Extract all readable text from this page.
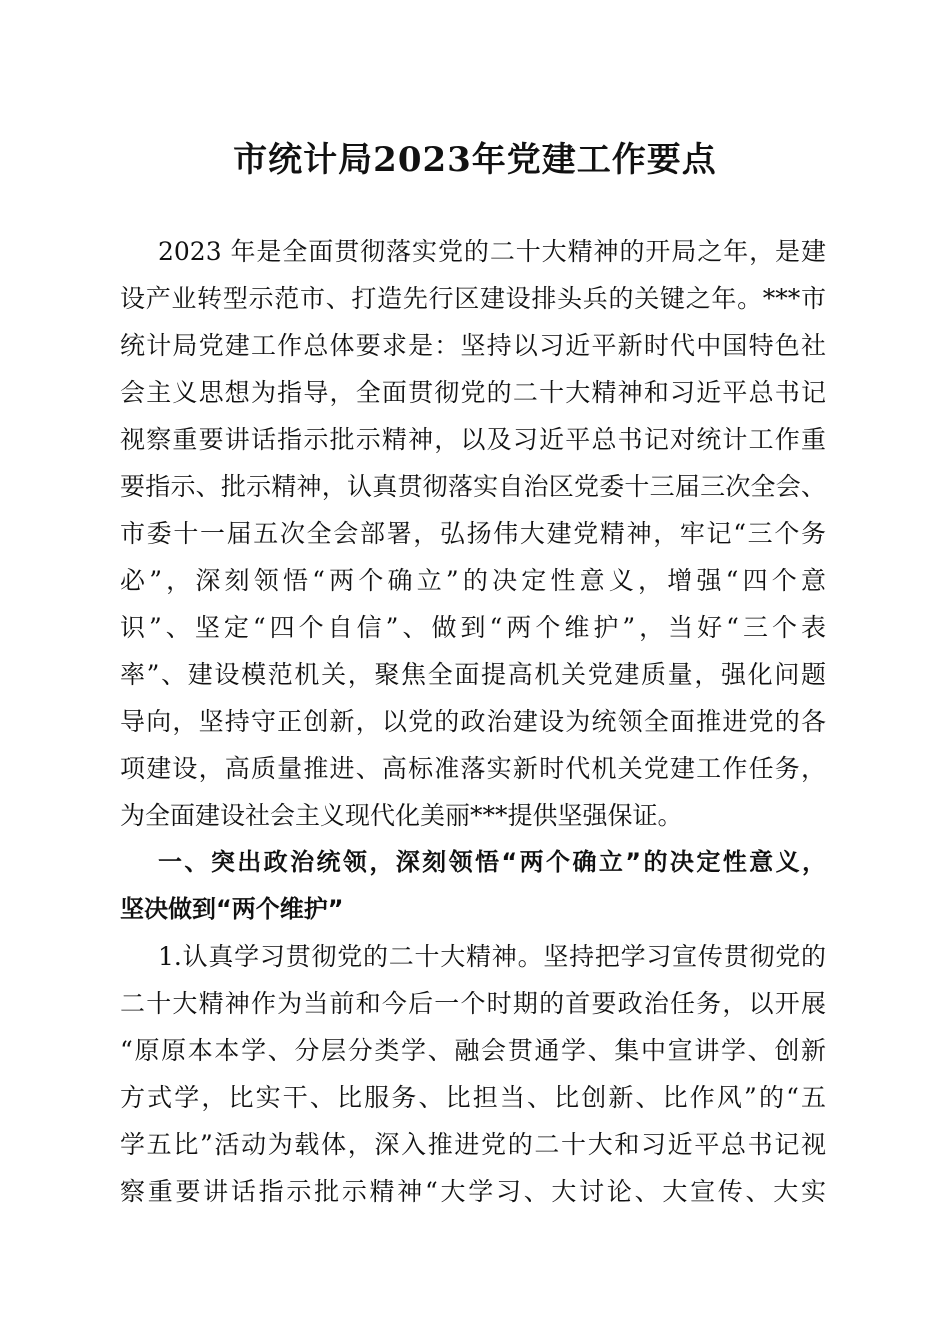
市统计局2023年党建工作要点
2023 年是全面贯彻落实党的二十大精神的开局之年，是建
设产业转型示范市、打造先行区建设排头兵的关键之年。***市
统计局党建工作总体要求是：坚持以习近平新时代中国特色社
会主义思想为指导，全面贯彻党的二十大精神和习近平总书记
视察重要讲话指示批示精神，以及习近平总书记对统计工作重
要指示、批示精神，认真贯彻落实自治区党委十三届三次全会、
市委十一届五次全会部署，弘扬伟大建党精神，牢记“三个务
必”，深刻领悟“两个确立”的决定性意义，增强“四个意
识”、坚定“四个自信”、做到“两个维护”，当好“三个表
率”、建设模范机关，聚焦全面提高机关党建质量，强化问题
导向，坚持守正创新，以党的政治建设为统领全面推进党的各
项建设，高质量推进、高标准落实新时代机关党建工作任务，
为全面建设社会主义现代化美丽***提供坚强保证。
一、突出政治统领，深刻领悟“两个确立”的决定性意义，
坚决做到“两个维护”
1.认真学习贯彻党的二十大精神。坚持把学习宣传贯彻党的
二十大精神作为当前和今后一个时期的首要政治任务，以开展
“原原本本学、分层分类学、融会贯通学、集中宣讲学、创新
方式学，比实干、比服务、比担当、比创新、比作风”的“五
学五比”活动为载体，深入推进党的二十大和习近平总书记视
察重要讲话指示批示精神“大学习、大讨论、大宣传、大实
